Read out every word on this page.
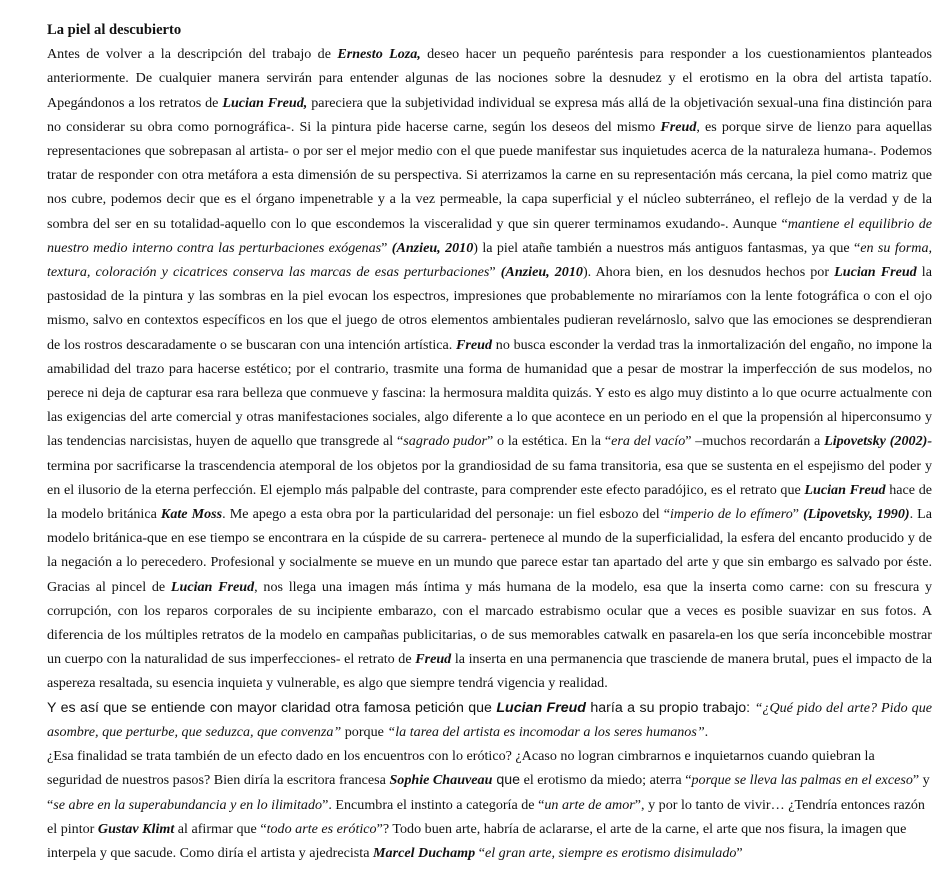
La piel al descubierto

Antes de volver a la descripción del trabajo de Ernesto Loza, deseo hacer un pequeño paréntesis para responder a los cuestionamientos planteados anteriormente. De cualquier manera servirán para entender algunas de las nociones sobre la desnudez y el erotismo en la obra del artista tapatío. Apegándonos a los retratos de Lucian Freud, pareciera que la subjetividad individual se expresa más allá de la objetivación sexual-una fina distinción para no considerar su obra como pornográfica-. Si la pintura pide hacerse carne, según los deseos del mismo Freud, es porque sirve de lienzo para aquellas representaciones que sobrepasan al artista- o por ser el mejor medio con el que puede manifestar sus inquietudes acerca de la naturaleza humana-. Podemos tratar de responder con otra metáfora a esta dimensión de su perspectiva. Si aterrizamos la carne en su representación más cercana, la piel como matriz que nos cubre, podemos decir que es el órgano impenetrable y a la vez permeable, la capa superficial y el núcleo subterráneo, el reflejo de la verdad y de la sombra del ser en su totalidad-aquello con lo que escondemos la visceralidad y que sin querer terminamos exudando-. Aunque “mantiene el equilibrio de nuestro medio interno contra las perturbaciones exógenas” (Anzieu, 2010) la piel atañe también a nuestros más antiguos fantasmas, ya que “en su forma, textura, coloración y cicatrices conserva las marcas de esas perturbaciones” (Anzieu, 2010). Ahora bien, en los desnudos hechos por Lucian Freud la pastosidad de la pintura y las sombras en la piel evocan los espectros, impresiones que probablemente no miraríamos con la lente fotográfica o con el ojo mismo, salvo en contextos específicos en los que el juego de otros elementos ambientales pudieran revelárnoslo, salvo que las emociones se desprendieran de los rostros descaradamente o se buscaran con una intención artística. Freud no busca esconder la verdad tras la inmortalización del engaño, no impone la amabilidad del trazo para hacerse estético; por el contrario, trasmite una forma de humanidad que a pesar de mostrar la imperfección de sus modelos, no perece ni deja de capturar esa rara belleza que conmueve y fascina: la hermosura maldita quizás. Y esto es algo muy distinto a lo que ocurre actualmente con las exigencias del arte comercial y otras manifestaciones sociales, algo diferente a lo que acontece en un periodo en el que la propensión al hiperconsumo y las tendencias narcisistas, huyen de aquello que transgrede al “sagrado pudor” o la estética. En la “era del vacío” –muchos recordarán a Lipovetsky (2002)- termina por sacrificarse la trascendencia atemporal de los objetos por la grandiosidad de su fama transitoria, esa que se sustenta en el espejismo del poder y en el ilusorio de la eterna perfección. El ejemplo más palpable del contraste, para comprender este efecto paradójico, es el retrato que Lucian Freud hace de la modelo británica Kate Moss. Me apego a esta obra por la particularidad del personaje: un fiel esbozo del “imperio de lo efímero” (Lipovetsky, 1990). La modelo británica-que en ese tiempo se encontrara en la cúspide de su carrera- pertenece al mundo de la superficialidad, la esfera del encanto producido y de la negación a lo perecedero. Profesional y socialmente se mueve en un mundo que parece estar tan apartado del arte y que sin embargo es salvado por éste. Gracias al pincel de Lucian Freud, nos llega una imagen más íntima y más humana de la modelo, esa que la inserta como carne: con su frescura y corrupción, con los reparos corporales de su incipiente embarazo, con el marcado estrabismo ocular que a veces es posible suavizar en sus fotos. A diferencia de los múltiples retratos de la modelo en campañas publicitarias, o de sus memorables catwalk en pasarela-en los que sería inconcebible mostrar un cuerpo con la naturalidad de sus imperfecciones- el retrato de Freud la inserta en una permanencia que trasciende de manera brutal, pues el impacto de la aspereza resaltada, su esencia inquieta y vulnerable, es algo que siempre tendrá vigencia y realidad.

Y es así que se entiende con mayor claridad otra famosa petición que Lucian Freud haría a su propio trabajo: “¿Qué pido del arte? Pido que asombre, que perturbe, que seduzca, que convenza” porque “la tarea del artista es incomodar a los seres humanos”.

¿Esa finalidad se trata también de un efecto dado en los encuentros con lo erótico? ¿Acaso no logran cimbrarnos e inquietarnos cuando quiebran la seguridad de nuestros pasos? Bien diría la escritora francesa Sophie Chauveau que el erotismo da miedo; aterra “porque se lleva las palmas en el exceso” y “se abre en la superabundancia y en lo ilimitado”. Encumbra el instinto a categoría de “un arte de amor”, y por lo tanto de vivir… ¿Tendría entonces razón el pintor Gustav Klimt al afirmar que “todo arte es erótico”? Todo buen arte, habría de aclararse, el arte de la carne, el arte que nos fisura, la imagen que interpela y que sacude. Como diría el artista y ajedrecista Marcel Duchamp “el gran arte, siempre es erotismo disimulado”
